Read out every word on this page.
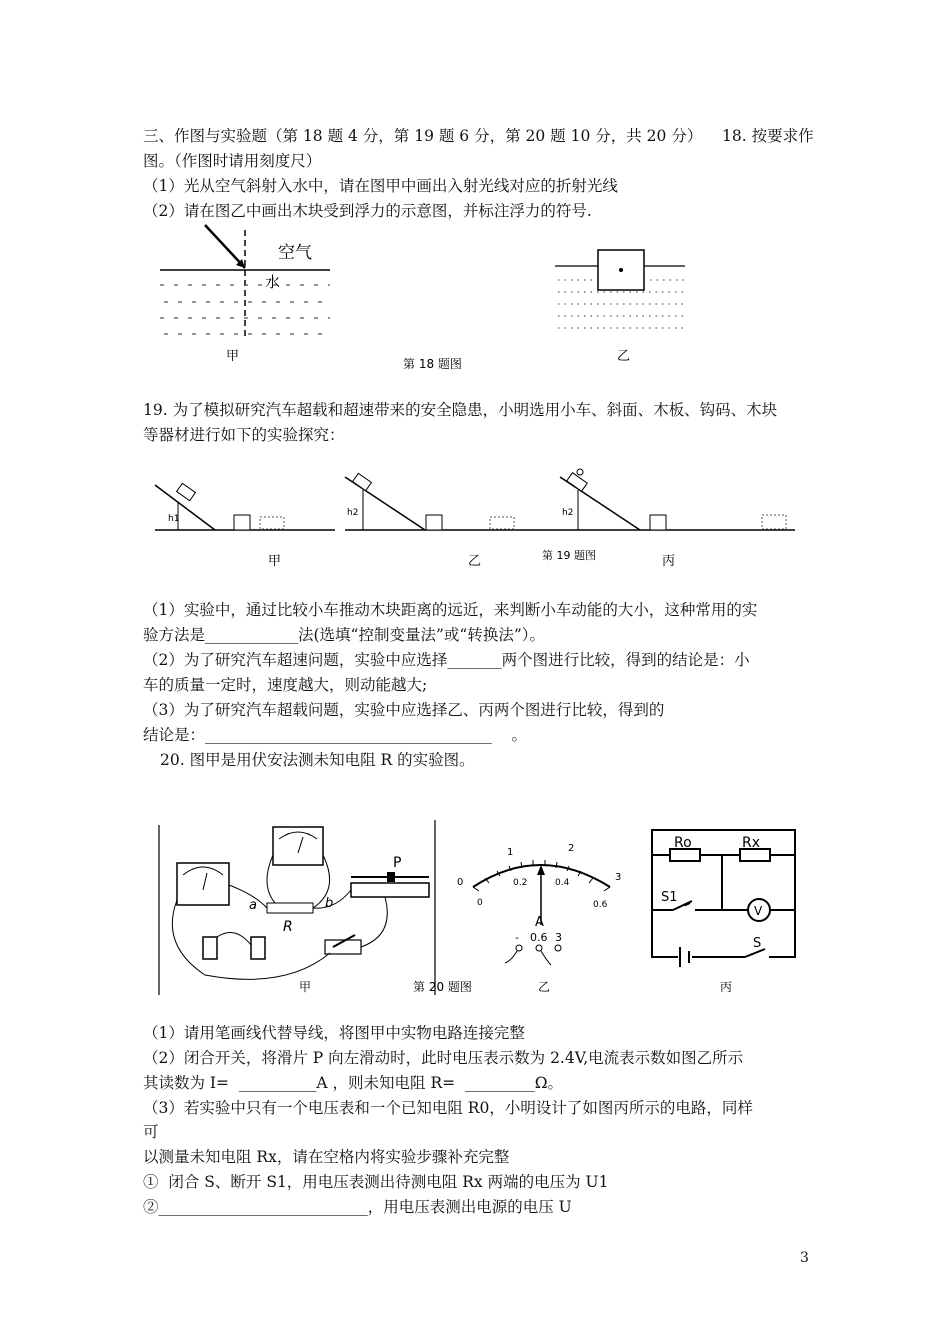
三、作图与实验题（第 18 题 4 分，第 19 题 6 分，第 20 题 10 分，共 20 分）    18. 按要求作
图。（作图时请用刻度尺）
（1）光从空气斜射入水中，请在图甲中画出入射光线对应的折射光线
（2）请在图乙中画出木块受到浮力的示意图，并标注浮力的符号.
空气
水
甲	第 18 题图	乙
19. 为了模拟研究汽车超载和超速带来的安全隐患，小明选用小车、斜面、木板、钩码、木块
等器材进行如下的实验探究：
h1
甲
h2
乙
h2
丙
第 19 题图
（1）实验中，通过比较小车推动木块距离的远近，来判断小车动能的大小，这种常用的实
验方法是____________法(选填“控制变量法”或“转换法”）。
（2）为了研究汽车超速问题，实验中应选择_______两个图进行比较，得到的结论是：小
车的质量一定时，速度越大，则动能越大;
（3）为了研究汽车超载问题，实验中应选择乙、丙两个图进行比较，得到的
结论是：_____________________________________    。
20. 图甲是用伏安法测未知电阻 R 的实验图。
a	b
R
P
甲	第 20 题图
0
1	2
3
0
0.2	0.4
0.6
A
- 0.6 3
乙
Ro	Rx
S1
S
V
丙
（1）请用笔画线代替导线，将图甲中实物电路连接完整
（2）闭合开关，将滑片 P 向左滑动时，此时电压表示数为 2.4V,电流表示数如图乙所示
其读数为 I=  __________A ，则未知电阻 R=  _________Ω。
（3）若实验中只有一个电压表和一个已知电阻 R0，小明设计了如图丙所示的电路，同样
可
以测量未知电阻 Rx，请在空格内将实验步骤补充完整
①  闭合 S、断开 S1，用电压表测出待测电阻 Rx 两端的电压为 U1
②___________________________，用电压表测出电源的电压 U
3
